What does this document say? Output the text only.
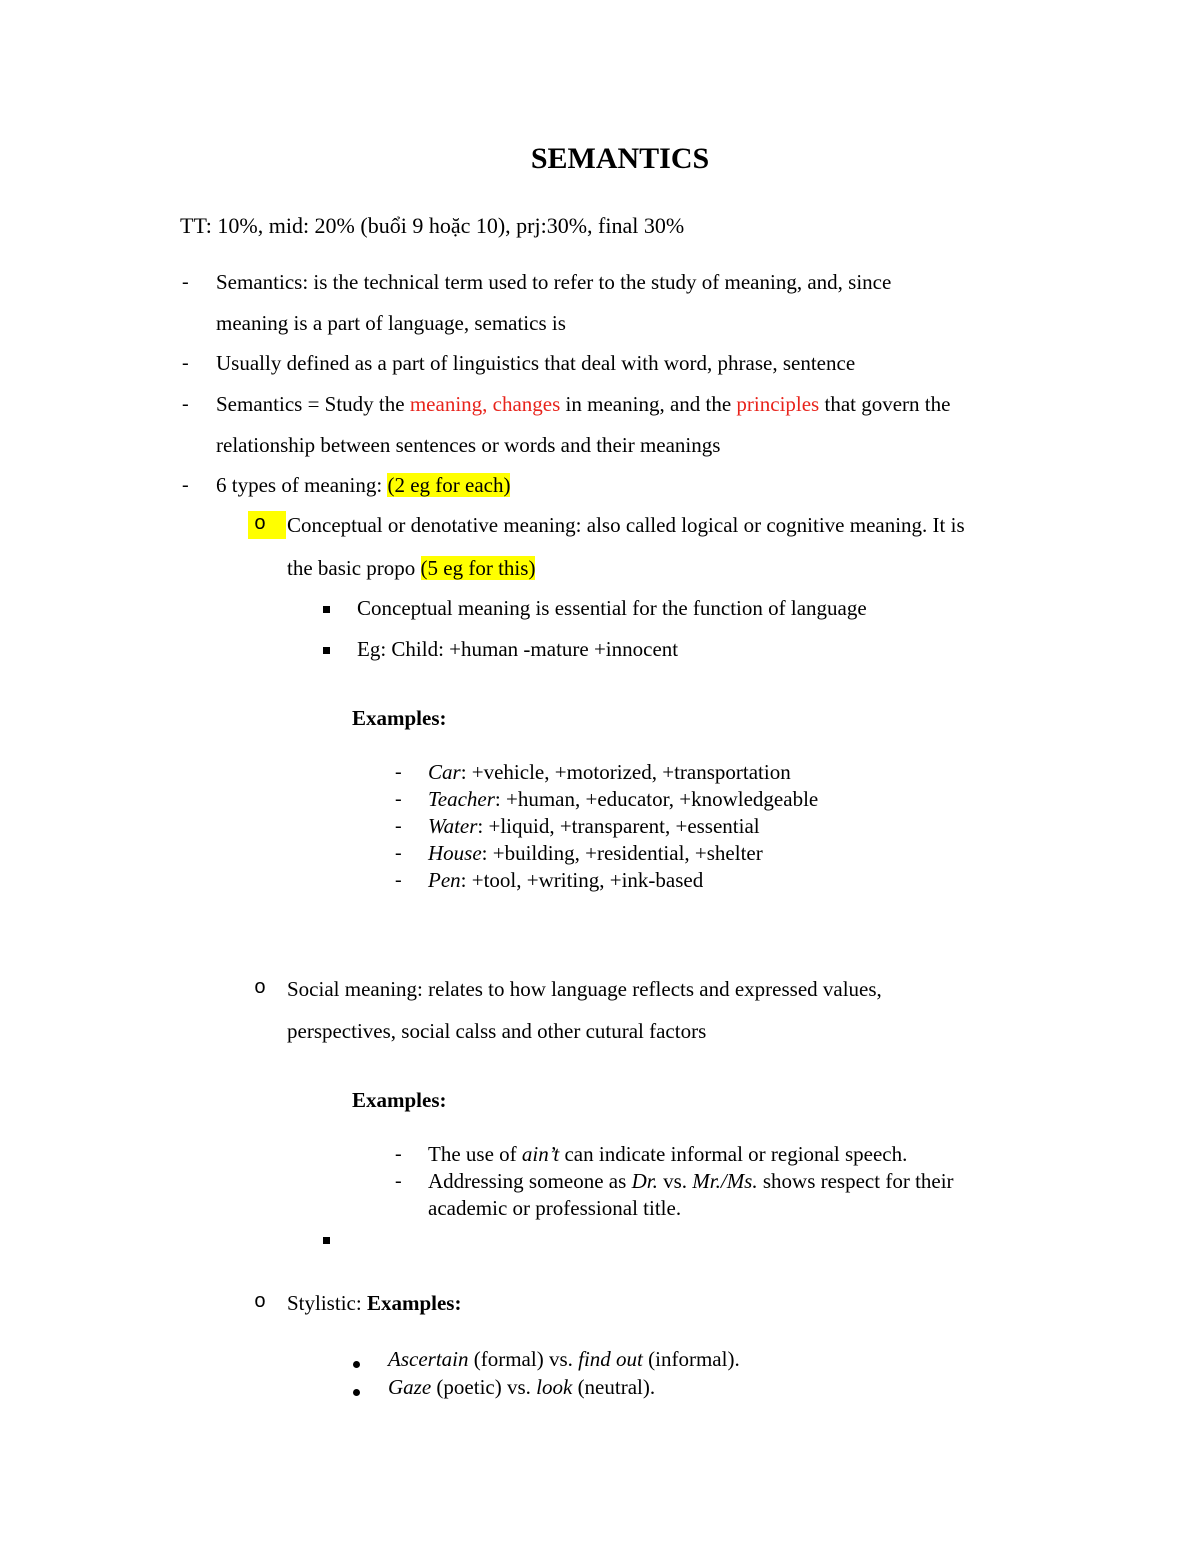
SEMANTICS
TT: 10%, mid: 20% (buổi 9 hoặc 10), prj:30%, final 30%
- Semantics: is the technical term used to refer to the study of meaning, and, since
meaning is a part of language, sematics is
- Usually defined as a part of linguistics that deal with word, phrase, sentence
- Semantics = Study the meaning, changes in meaning, and the principles that govern the
relationship between sentences or words and their meanings
- 6 types of meaning: (2 eg for each)
o Conceptual or denotative meaning: also called logical or cognitive meaning. It is
the basic propo (5 eg for this)
Conceptual meaning is essential for the function of language
Eg: Child: +human -mature +innocent
Examples:
- Car: +vehicle, +motorized, +transportation
- Teacher: +human, +educator, +knowledgeable
- Water: +liquid, +transparent, +essential
- House: +building, +residential, +shelter
- Pen: +tool, +writing, +ink-based
o Social meaning: relates to how language reflects and expressed values,
perspectives, social calss and other cutural factors
Examples:
- The use of ain’t can indicate informal or regional speech.
- Addressing someone as Dr. vs. Mr./Ms. shows respect for their
academic or professional title.
o Stylistic: Examples:
Ascertain (formal) vs. find out (informal).
Gaze (poetic) vs. look (neutral).
